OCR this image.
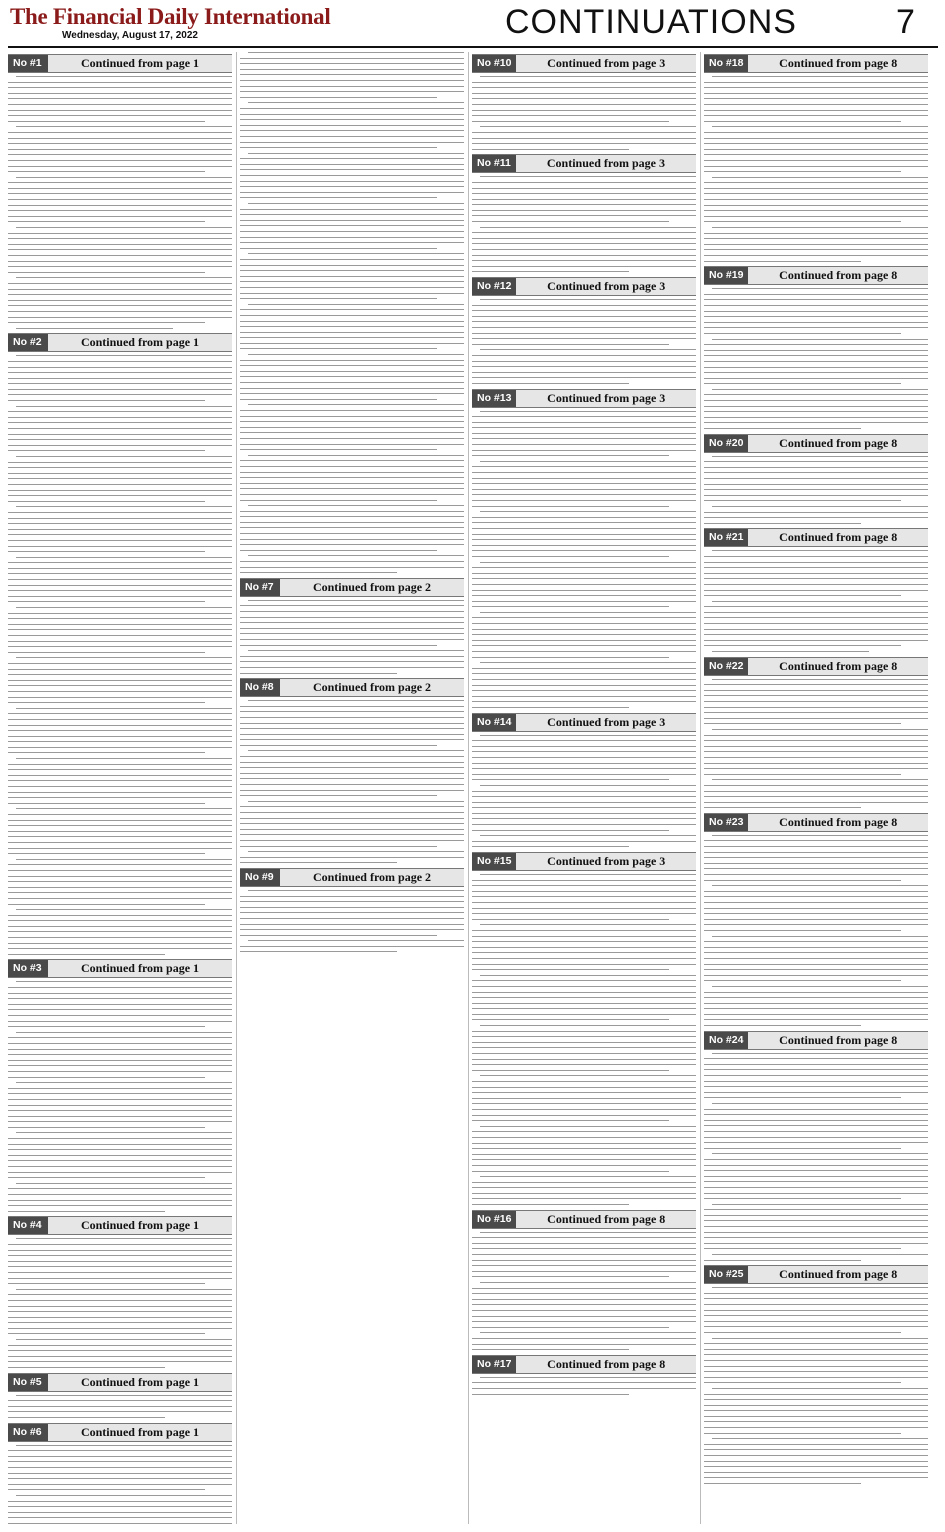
The Financial Daily International
Wednesday, August 17, 2022	CONTINUATIONS	7
No #1	Continued from page 1
No #2	Continued from page 1
No #3	Continued from page 1
No #4	Continued from page 1
No #5	Continued from page 1
No #6	Continued from page 1
No #7	Continued from page 2
No #8	Continued from page 2
No #9	Continued from page 2
No #10	Continued from page 3
No #11	Continued from page 3
No #12	Continued from page 3
No #13	Continued from page 3
No #14	Continued from page 3
No #15	Continued from page 3
No #16	Continued from page 8
No #17	Continued from page 8
No #18	Continued from page 8
No #19	Continued from page 8
No #20	Continued from page 8
No #21	Continued from page 8
No #22	Continued from page 8
No #23	Continued from page 8
No #24	Continued from page 8
No #25	Continued from page 8
